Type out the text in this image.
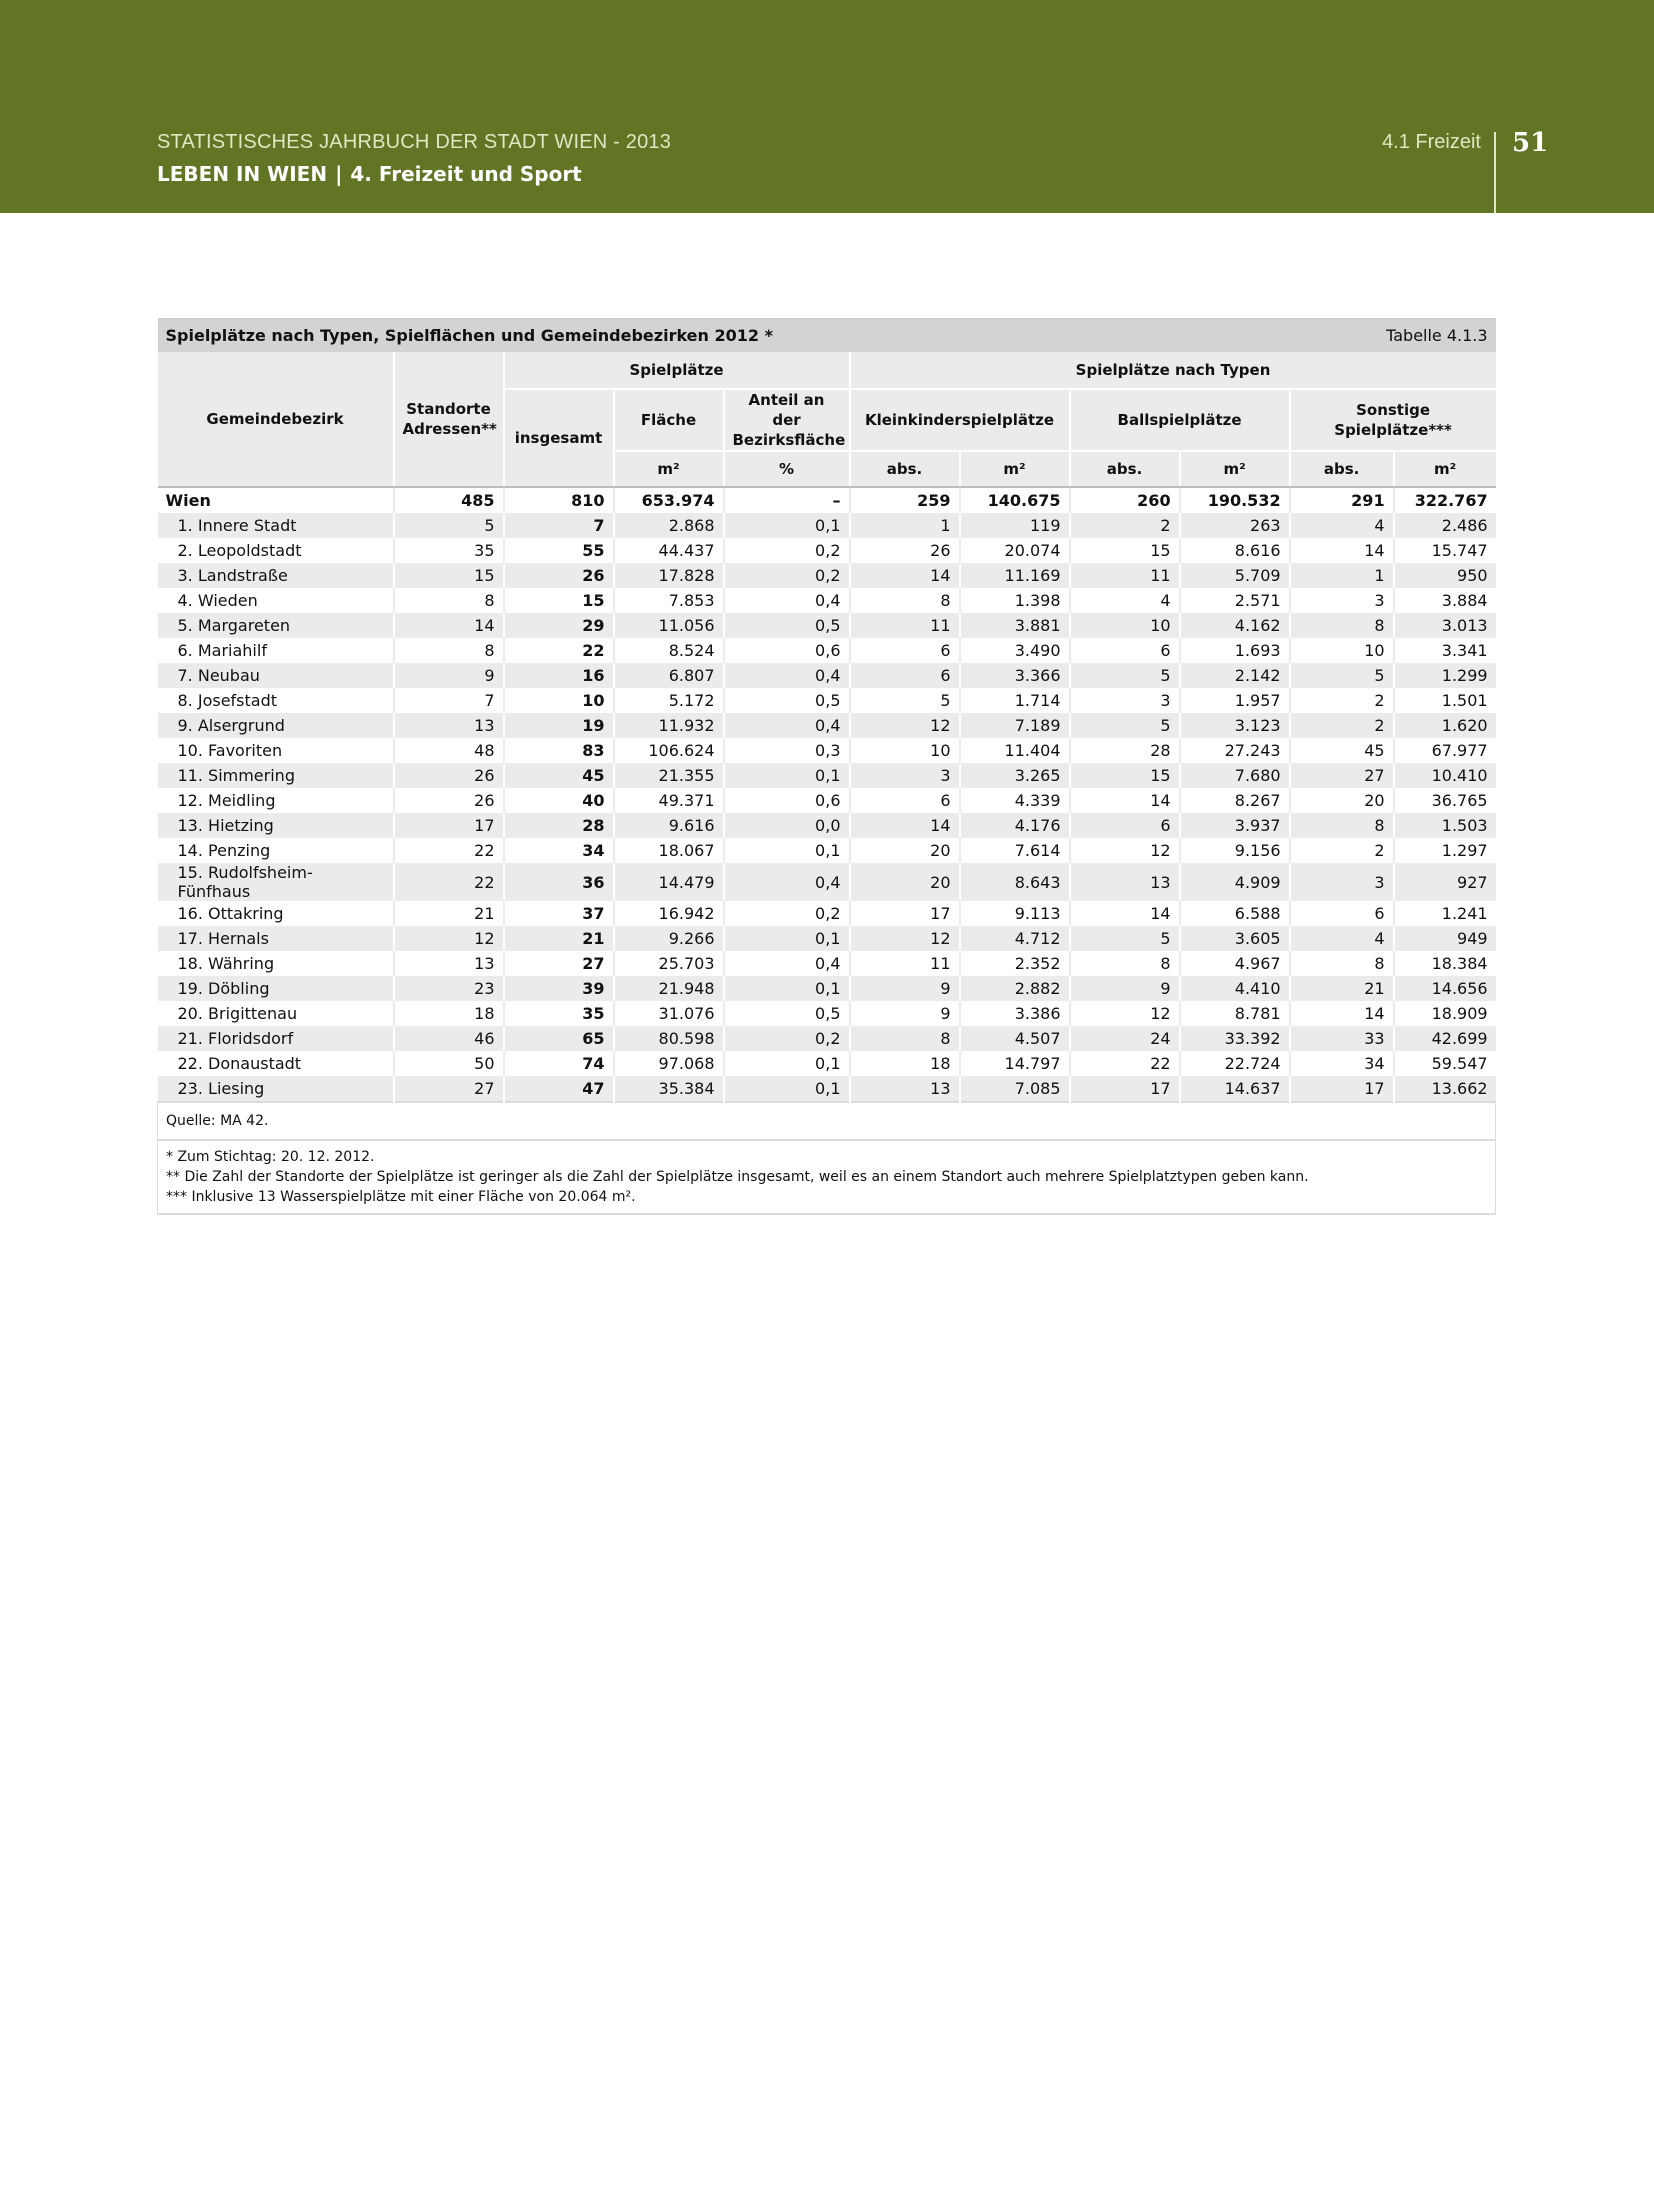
STATISTISCHES JAHRBUCH DER STADT WIEN - 2013
LEBEN IN WIEN | 4. Freizeit und Sport
4.1 Freizeit 51
Spielplätze nach Typen, Spielflächen und Gemeindebezirken 2012 *								Tabelle 4.1.3		
Gemeindebezirk	Standorte Adressen**	Spielplätze			Spielplätze nach Typen					
		insgesamt	Fläche	Anteil an der Bezirksfläche	Kleinkinderspielplätze		Ballspielplätze		Sonstige Spielplätze***	
			m²	%	abs.	m²	abs.	m²	abs.	m²
Wien	485	810	653.974	–	259	140.675	260	190.532	291	322.767
1. Innere Stadt	5	7	2.868	0,1	1	119	2	263	4	2.486
2. Leopoldstadt	35	55	44.437	0,2	26	20.074	15	8.616	14	15.747
3. Landstraße	15	26	17.828	0,2	14	11.169	11	5.709	1	950
4. Wieden	8	15	7.853	0,4	8	1.398	4	2.571	3	3.884
5. Margareten	14	29	11.056	0,5	11	3.881	10	4.162	8	3.013
6. Mariahilf	8	22	8.524	0,6	6	3.490	6	1.693	10	3.341
7. Neubau	9	16	6.807	0,4	6	3.366	5	2.142	5	1.299
8. Josefstadt	7	10	5.172	0,5	5	1.714	3	1.957	2	1.501
9. Alsergrund	13	19	11.932	0,4	12	7.189	5	3.123	2	1.620
10. Favoriten	48	83	106.624	0,3	10	11.404	28	27.243	45	67.977
11. Simmering	26	45	21.355	0,1	3	3.265	15	7.680	27	10.410
12. Meidling	26	40	49.371	0,6	6	4.339	14	8.267	20	36.765
13. Hietzing	17	28	9.616	0,0	14	4.176	6	3.937	8	1.503
14. Penzing	22	34	18.067	0,1	20	7.614	12	9.156	2	1.297
15. Rudolfsheim-Fünfhaus	22	36	14.479	0,4	20	8.643	13	4.909	3	927
16. Ottakring	21	37	16.942	0,2	17	9.113	14	6.588	6	1.241
17. Hernals	12	21	9.266	0,1	12	4.712	5	3.605	4	949
18. Währing	13	27	25.703	0,4	11	2.352	8	4.967	8	18.384
19. Döbling	23	39	21.948	0,1	9	2.882	9	4.410	21	14.656
20. Brigittenau	18	35	31.076	0,5	9	3.386	12	8.781	14	18.909
21. Floridsdorf	46	65	80.598	0,2	8	4.507	24	33.392	33	42.699
22. Donaustadt	50	74	97.068	0,1	18	14.797	22	22.724	34	59.547
23. Liesing	27	47	35.384	0,1	13	7.085	17	14.637	17	13.662
Quelle: MA 42.										

* Zum Stichtag: 20. 12. 2012.
** Die Zahl der Standorte der Spielplätze ist geringer als die Zahl der Spielplätze insgesamt, weil es an einem Standort auch mehrere Spielplatztypen geben kann.
*** Inklusive 13 Wasserspielplätze mit einer Fläche von 20.064 m².										
